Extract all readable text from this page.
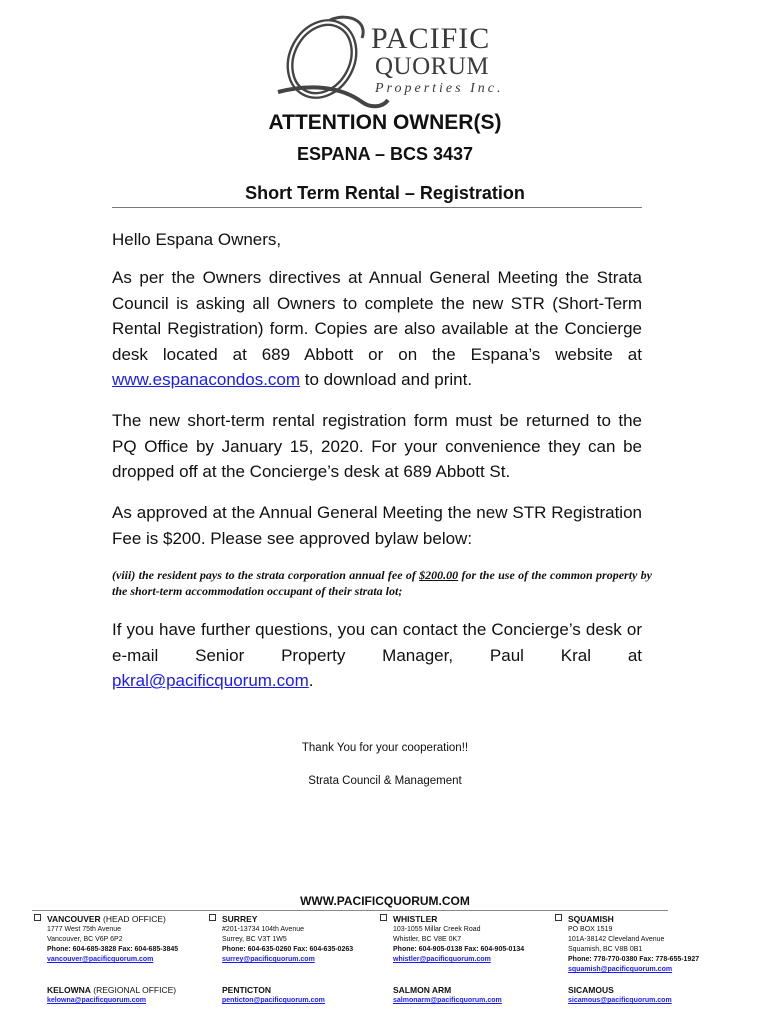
PACIFIC
QUORUM
Properties Inc.
ATTENTION OWNER(S)
ESPANA – BCS 3437
Short Term Rental – Registration
Hello Espana Owners,
As per the Owners directives at Annual General Meeting the Strata Council is asking all Owners to complete the new STR (Short-Term Rental Registration) form. Copies are also available at the Concierge desk located at 689 Abbott or on the Espana’s website at www.espanacondos.com to download and print.
The new short-term rental registration form must be returned to the PQ Office by January 15, 2020. For your convenience they can be dropped off at the Concierge’s desk at 689 Abbott St.
As approved at the Annual General Meeting the new STR Registration Fee is $200. Please see approved bylaw below:
(viii) the resident pays to the strata corporation annual fee of $200.00 for the use of the common property by the short-term accommodation occupant of their strata lot;
If you have further questions, you can contact the Concierge’s desk or e-mail Senior Property Manager, Paul Kral at pkral@pacificquorum.com.
Thank You for your cooperation!!
Strata Council & Management
WWW.PACIFICQUORUM.COM
VANCOUVER (HEAD OFFICE)
1777 West 75th Avenue
Vancouver, BC V6P 6P2
Phone: 604-685-3828 Fax: 604-685-3845
vancouver@pacificquorum.com
SURREY
#201-13734 104th Avenue
Surrey, BC V3T 1W5
Phone: 604-635-0260 Fax: 604-635-0263
surrey@pacificquorum.com
WHISTLER
103-1055 Millar Creek Road
Whistler, BC V8E 0K7
Phone: 604-905-0138 Fax: 604-905-0134
whistler@pacificquorum.com
SQUAMISH
PO BOX 1519
101A-38142 Cleveland Avenue
Squamish, BC V8B 0B1
Phone: 778-770-0380 Fax: 778-655-1927
squamish@pacificquorum.com
KELOWNA (REGIONAL OFFICE)
kelowna@pacificquorum.com
PENTICTON
penticton@pacificquorum.com
SALMON ARM
salmonarm@pacificquorum.com
SICAMOUS
sicamous@pacificquorum.com
